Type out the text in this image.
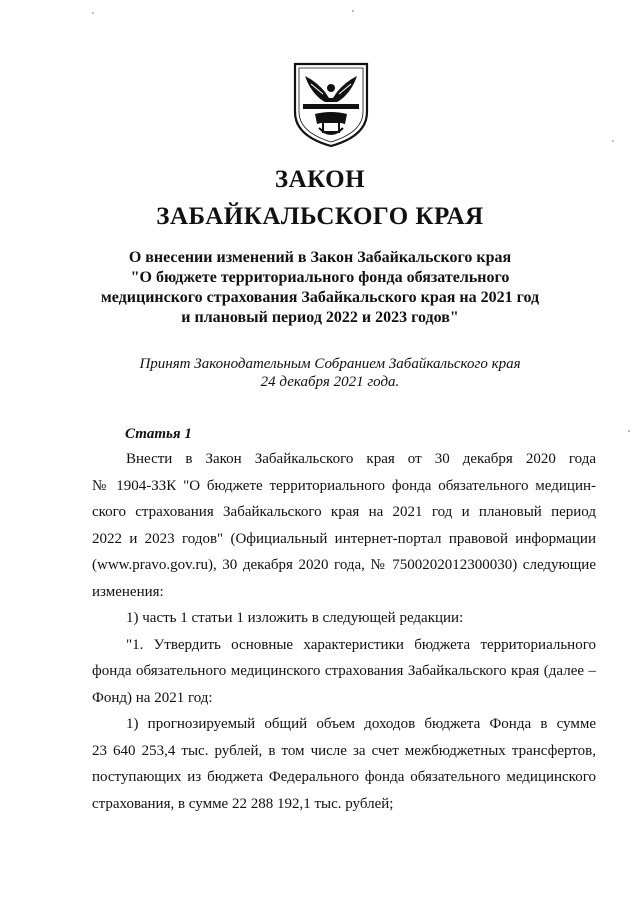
ЗАКОН
ЗАБАЙКАЛЬСКОГО КРАЯ
О внесении изменений в Закон Забайкальского края
"О бюджете территориального фонда обязательного
медицинского страхования Забайкальского края на 2021 год
и плановый период 2022 и 2023 годов"
Принят Законодательным Собранием Забайкальского края
24 декабря 2021 года.
Статья 1
Внести в Закон Забайкальского края от 30 декабря 2020 года
№ 1904-ЗЗК "О бюджете территориального фонда обязательного медицин-
ского страхования Забайкальского края на 2021 год и плановый период
2022 и 2023 годов" (Официальный интернет-портал правовой информации
(www.pravo.gov.ru), 30 декабря 2020 года, № 7500202012300030) следующие
изменения:
1) часть 1 статьи 1 изложить в следующей редакции:
"1. Утвердить основные характеристики бюджета территориального
фонда обязательного медицинского страхования Забайкальского края (далее –
Фонд) на 2021 год:
1) прогнозируемый общий объем доходов бюджета Фонда в сумме
23 640 253,4 тыс. рублей, в том числе за счет межбюджетных трансфертов,
поступающих из бюджета Федерального фонда обязательного медицинского
страхования, в сумме 22 288 192,1 тыс. рублей;
